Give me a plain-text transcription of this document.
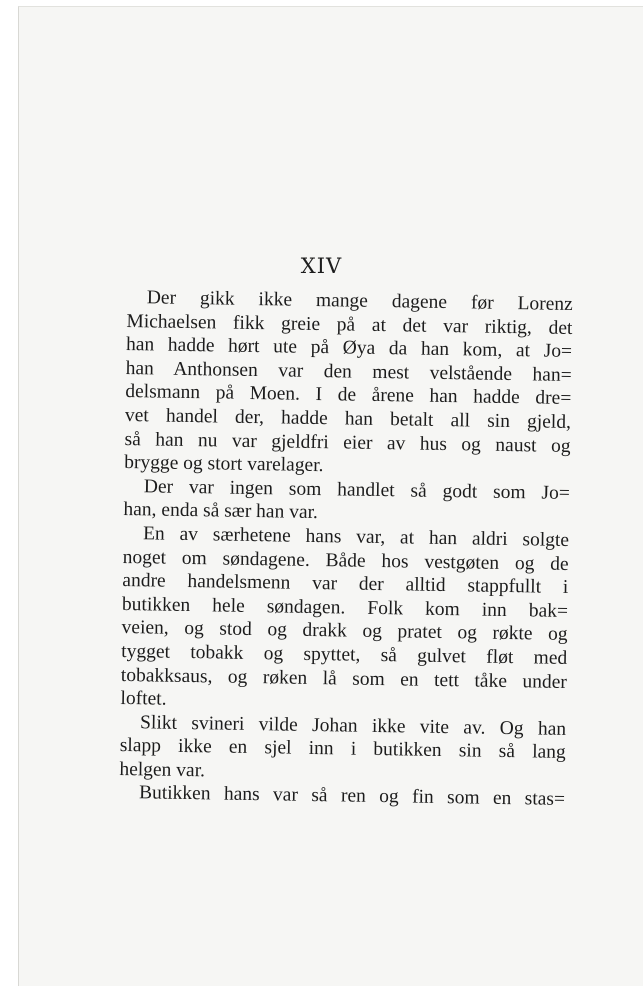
XIV

Der gikk ikke mange dagene før Lorenz
Michaelsen fikk greie på at det var riktig, det
han hadde hørt ute på Øya da han kom, at Jo=
han Anthonsen var den mest velstående han=
delsmann på Moen. I de årene han hadde dre=
vet handel der, hadde han betalt all sin gjeld,
så han nu var gjeldfri eier av hus og naust og
brygge og stort varelager.

Der var ingen som handlet så godt som Jo=
han, enda så sær han var.

En av særhetene hans var, at han aldri solgte
noget om søndagene. Både hos vestgøten og de
andre handelsmenn var der alltid stappfullt i
butikken hele søndagen. Folk kom inn bak=
veien, og stod og drakk og pratet og røkte og
tygget tobakk og spyttet, så gulvet fløt med
tobakksaus, og røken lå som en tett tåke under
loftet.

Slikt svineri vilde Johan ikke vite av. Og han
slapp ikke en sjel inn i butikken sin så lang
helgen var.

Butikken hans var så ren og fin som en stas=
